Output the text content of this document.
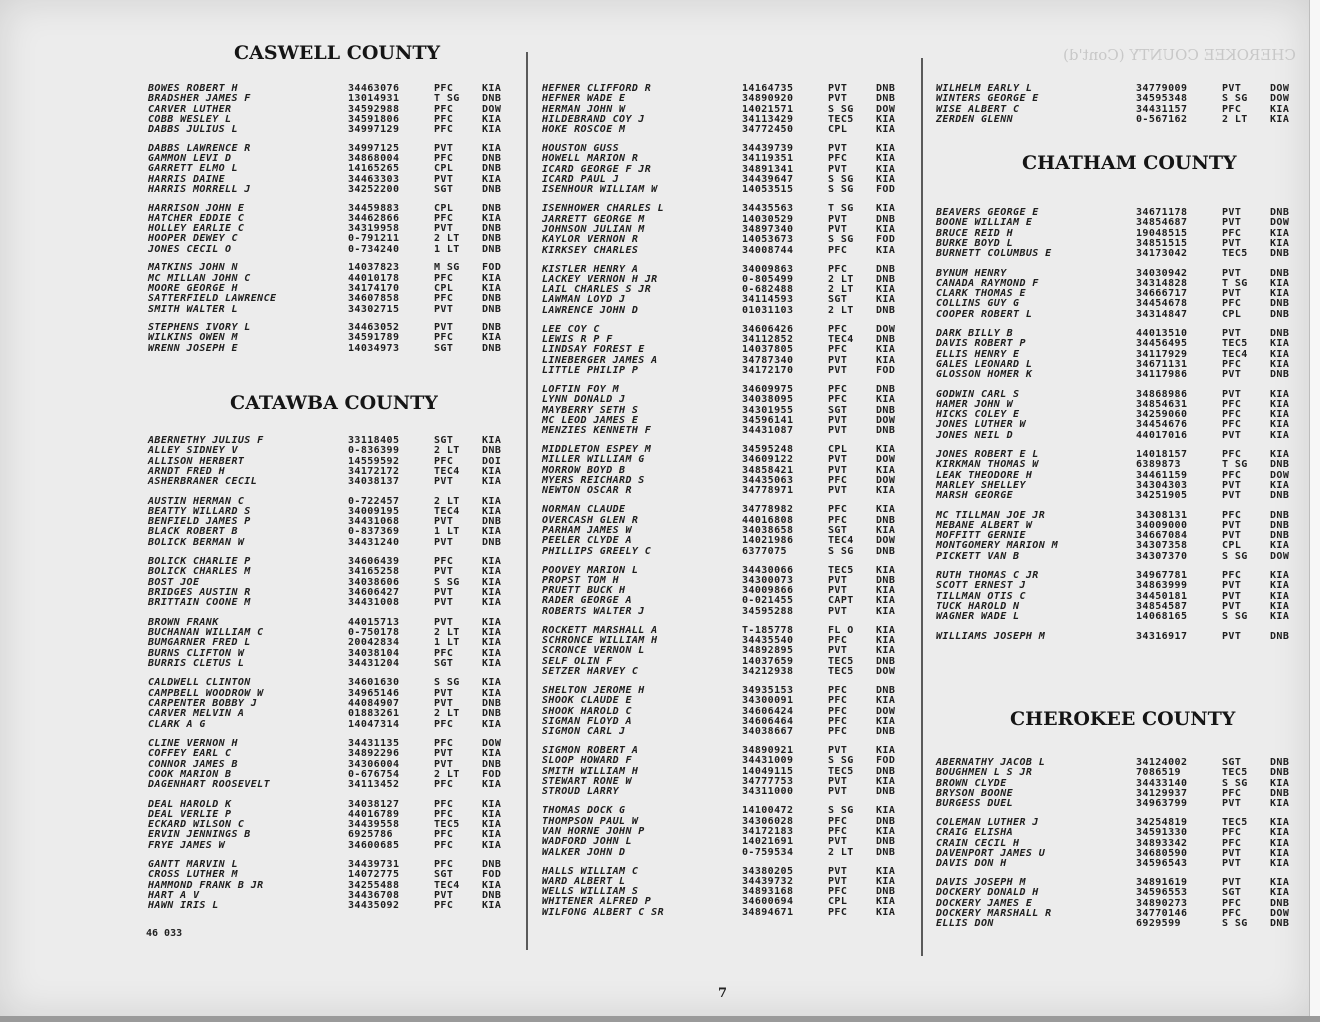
CHEROKEE COUNTY (Cont'd)
CASWELL COUNTY
BOWES ROBERT H	34463076	PFC	KIA
BRADSHER JAMES F	13014931	T SG DNB
CARVER LUTHER	34592988	PFC	DOW
COBB WESLEY L	34591806	PFC	KIA
DABBS JULIUS L	34997129	PFC	KIA
DABBS LAWRENCE R	34997125	PVT	KIA
GAMMON LEVI D	34868004	PFC	DNB
GARRETT ELMO L	14165265	CPL	DNB
HARRIS DAINE	34463303	PVT	KIA
HARRIS MORRELL J	34252200	SGT	DNB
HARRISON JOHN E	34459883	CPL	DNB
HATCHER EDDIE C	34462866	PFC	KIA
HOLLEY EARLIE C	34319958	PVT	DNB
HOOPER DEWEY C	0-791211	2 LT DNB
JONES CECIL O	0-734240	1 LT DNB
MATKINS JOHN N	14037823	M SG FOD
MC MILLAN JOHN C	44010178	PFC	KIA
MOORE GEORGE H	34174170	CPL	KIA
SATTERFIELD LAWRENCE	34607858	PFC	DNB
SMITH WALTER L	34302715	PVT	DNB
STEPHENS IVORY L	34463052	PVT	DNB
WILKINS OWEN M	34591789	PFC	KIA
WRENN JOSEPH E	14034973	SGT	DNB
CATAWBA COUNTY
ABERNETHY JULIUS F	33118405	SGT	KIA
ALLEY SIDNEY V	0-836399	2 LT DNB
ALLISON HERBERT	14559592	PFC	DOI
ARNDT FRED H	34172172	TEC4 KIA
ASHERBRANER CECIL	34038137	PVT	KIA
AUSTIN HERMAN C	0-722457	2 LT KIA
BEATTY WILLARD S	34009195	TEC4 KIA
BENFIELD JAMES P	34431068	PVT	DNB
BLACK ROBERT B	0-837369	1 LT KIA
BOLICK BERMAN W	34431240	PVT	DNB
BOLICK CHARLIE P	34606439	PFC	KIA
BOLICK CHARLES M	34165258	PVT	KIA
BOST JOE	34038606	S SG KIA
BRIDGES AUSTIN R	34606427	PVT	KIA
BRITTAIN COONE M	34431008	PVT	KIA
BROWN FRANK	44015713	PVT	KIA
BUCHANAN WILLIAM C	0-750178	2 LT KIA
BUMGARNER FRED L	20042834	1 LT KIA
BURNS CLIFTON W	34038104	PFC	KIA
BURRIS CLETUS L	34431204	SGT	KIA
CALDWELL CLINTON	34601630	S SG KIA
CAMPBELL WOODROW W	34965146	PVT	KIA
CARPENTER BOBBY J	44084907	PVT	DNB
CARVER MELVIN A	01883261	2 LT DNB
CLARK A G	14047314	PFC	KIA
CLINE VERNON H	34431135	PFC	DOW
COFFEY EARL C	34892296	PVT	KIA
CONNOR JAMES B	34306004	PVT	DNB
COOK MARION B	0-676754	2 LT FOD
DAGENHART ROOSEVELT	34113452	PFC	KIA
DEAL HAROLD K	34038127	PFC	KIA
DEAL VERLIE P	44016789	PFC	KIA
ECKARD WILSON C	34439558	TEC5 KIA
ERVIN JENNINGS B	6925786	PFC	KIA
FRYE JAMES W	34600685	PFC	KIA
GANTT MARVIN L	34439731	PFC	DNB
CROSS LUTHER M	14072775	SGT	FOD
HAMMOND FRANK B JR	34255488	TEC4 KIA
HART A V	34436708	PVT	DNB
HAWN IRIS L	34435092	PFC	KIA
HEFNER CLIFFORD R	14164735	PVT	DNB
HEFNER WADE E	34890920	PVT	DNB
HERMAN JOHN W	14021571	S SG DOW
HILDEBRAND COY J	34113429	TEC5 KIA
HOKE ROSCOE M	34772450	CPL	KIA
HOUSTON GUSS	34439739	PVT	KIA
HOWELL MARION R	34119351	PFC	KIA
ICARD GEORGE F JR	34891341	PVT	KIA
ICARD PAUL J	34439647	S SG KIA
ISENHOUR WILLIAM W	14053515	S SG FOD
ISENHOWER CHARLES L	34435563	T SG KIA
JARRETT GEORGE M	14030529	PVT	DNB
JOHNSON JULIAN M	34897340	PVT	KIA
KAYLOR VERNON R	14053673	S SG FOD
KIRKSEY CHARLES	34008744	PFC	KIA
KISTLER HENRY A	34009863	PFC	DNB
LACKEY VERNON H JR	0-805499	2 LT DNB
LAIL CHARLES S JR	0-682488	2 LT KIA
LAWMAN LOYD J	34114593	SGT	KIA
LAWRENCE JOHN D	01031103	2 LT DNB
LEE COY C	34606426	PFC	DOW
LEWIS R P F	34112852	TEC4 DNB
LINDSAY FOREST E	14037805	PFC	KIA
LINEBERGER JAMES A	34787340	PVT	KIA
LITTLE PHILIP P	34172170	PVT	FOD
LOFTIN FOY M	34609975	PFC	DNB
LYNN DONALD J	34038095	PFC	KIA
MAYBERRY SETH S	34301955	SGT	DNB
MC LEOD JAMES E	34596141	PVT	DOW
MENZIES KENNETH F	34431087	PVT	DNB
MIDDLETON ESPEY M	34595248	CPL	KIA
MILLER WILLIAM G	34609122	PVT	DOW
MORROW BOYD B	34858421	PVT	KIA
MYERS REICHARD S	34435063	PFC	DOW
NEWTON OSCAR R	34778971	PVT	KIA
NORMAN CLAUDE	34778982	PFC	KIA
OVERCASH GLEN R	44016808	PFC	DNB
PARHAM JAMES W	34038658	SGT	KIA
PEELER CLYDE A	14021986	TEC4 DOW
PHILLIPS GREELY C	6377075	S SG DNB
POOVEY MARION L	34430066	TEC5 KIA
PROPST TOM H	34300073	PVT	DNB
PRUETT BUCK H	34009866	PVT	KIA
RADER GEORGE A	0-021455	CAPT KIA
ROBERTS WALTER J	34595288	PVT	KIA
ROCKETT MARSHALL A	T-185778	FL O KIA
SCHRONCE WILLIAM H	34435540	PFC	KIA
SCRONCE VERNON L	34892895	PVT	KIA
SELF OLIN F	14037659	TEC5 DNB
SETZER HARVEY C	34212938	TEC5 DOW
SHELTON JEROME H	34935153	PFC	DNB
SHOOK CLAUDE E	34300091	PFC	KIA
SHOOK HAROLD C	34606424	PFC	DOW
SIGMAN FLOYD A	34606464	PFC	KIA
SIGMON CARL J	34038667	PFC	DNB
SIGMON ROBERT A	34890921	PVT	KIA
SLOOP HOWARD F	34431009	S SG FOD
SMITH WILLIAM H	14049115	TEC5 DNB
STEWART RONE W	34777753	PVT	KIA
STROUD LARRY	34311000	PVT	DNB
THOMAS DOCK G	14100472	S SG KIA
THOMPSON PAUL W	34306028	PFC	DNB
VAN HORNE JOHN P	34172183	PFC	KIA
WADFORD JOHN L	14021691	PVT	DNB
WALKER JOHN D	0-759534	2 LT DNB
HALLS WILLIAM C	34380205	PVT	KIA
WARD ALBERT L	34439732	PVT	KIA
WELLS WILLIAM S	34893168	PFC	DNB
WHITENER ALFRED P	34600694	CPL	KIA
WILFONG ALBERT C SR	34894671	PFC	KIA
WILHELM EARLY L	34779009	PVT	DOW
WINTERS GEORGE E	34595348	S SG DOW
WISE ALBERT C	34431157	PFC	KIA
ZERDEN GLENN	0-567162	2 LT KIA
CHATHAM COUNTY
BEAVERS GEORGE E	34671178	PVT	DNB
BOONE WILLIAM E	34854687	PVT	DOW
BRUCE REID H	19048515	PFC	KIA
BURKE BOYD L	34851515	PVT	KIA
BURNETT COLUMBUS E	34173042	TEC5 DNB
BYNUM HENRY	34030942	PVT	DNB
CANADA RAYMOND F	34314828	T SG KIA
CLARK THOMAS E	34666717	PVT	KIA
COLLINS GUY G	34454678	PFC	DNB
COOPER ROBERT L	34314847	CPL	DNB
DARK BILLY B	44013510	PVT	DNB
DAVIS ROBERT P	34456495	TEC5 KIA
ELLIS HENRY E	34117929	TEC4 KIA
GALES LEONARD L	34671131	PFC	KIA
GLOSSON HOMER K	34117986	PVT	DNB
GODWIN CARL S	34868986	PVT	KIA
HAMER JOHN W	34854631	PFC	KIA
HICKS COLEY E	34259060	PFC	KIA
JONES LUTHER W	34454676	PFC	KIA
JONES NEIL D	44017016	PVT	KIA
JONES ROBERT E L	14018157	PFC	KIA
KIRKMAN THOMAS W	6389873	T SG DNB
LEAK THEODORE H	34461159	PFC	DOW
MARLEY SHELLEY	34304303	PVT	KIA
MARSH GEORGE	34251905	PVT	DNB
MC TILLMAN JOE JR	34308131	PFC	DNB
MEBANE ALBERT W	34009000	PVT	DNB
MOFFITT GERNIE	34667084	PVT	DNB
MONTGOMERY MARION M	34307358	CPL	KIA
PICKETT VAN B	34307370	S SG DOW
RUTH THOMAS C JR	34967781	PFC	KIA
SCOTT ERNEST J	34863999	PVT	KIA
TILLMAN OTIS C	34450181	PVT	KIA
TUCK HAROLD N	34854587	PVT	KIA
WAGNER WADE L	14068165	S SG KIA
WILLIAMS JOSEPH M	34316917	PVT	DNB
CHEROKEE COUNTY
ABERNATHY JACOB L	34124002	SGT	DNB
BOUGHMEN L S JR	7086519	TEC5 DNB
BROWN CLYDE	34433140	S SG KIA
BRYSON BOONE	34129937	PFC	DNB
BURGESS DUEL	34963799	PVT	KIA
COLEMAN LUTHER J	34254819	TEC5 KIA
CRAIG ELISHA	34591330	PFC	KIA
CRAIN CECIL H	34893342	PFC	KIA
DAVENPORT JAMES U	34680590	PVT	KIA
DAVIS DON H	34596543	PVT	KIA
DAVIS JOSEPH M	34891619	PVT	KIA
DOCKERY DONALD H	34596553	SGT	KIA
DOCKERY JAMES E	34890273	PFC	DNB
DOCKERY MARSHALL R	34770146	PFC	DOW
ELLIS DON	6929599	S SG DNB
46 033
7
